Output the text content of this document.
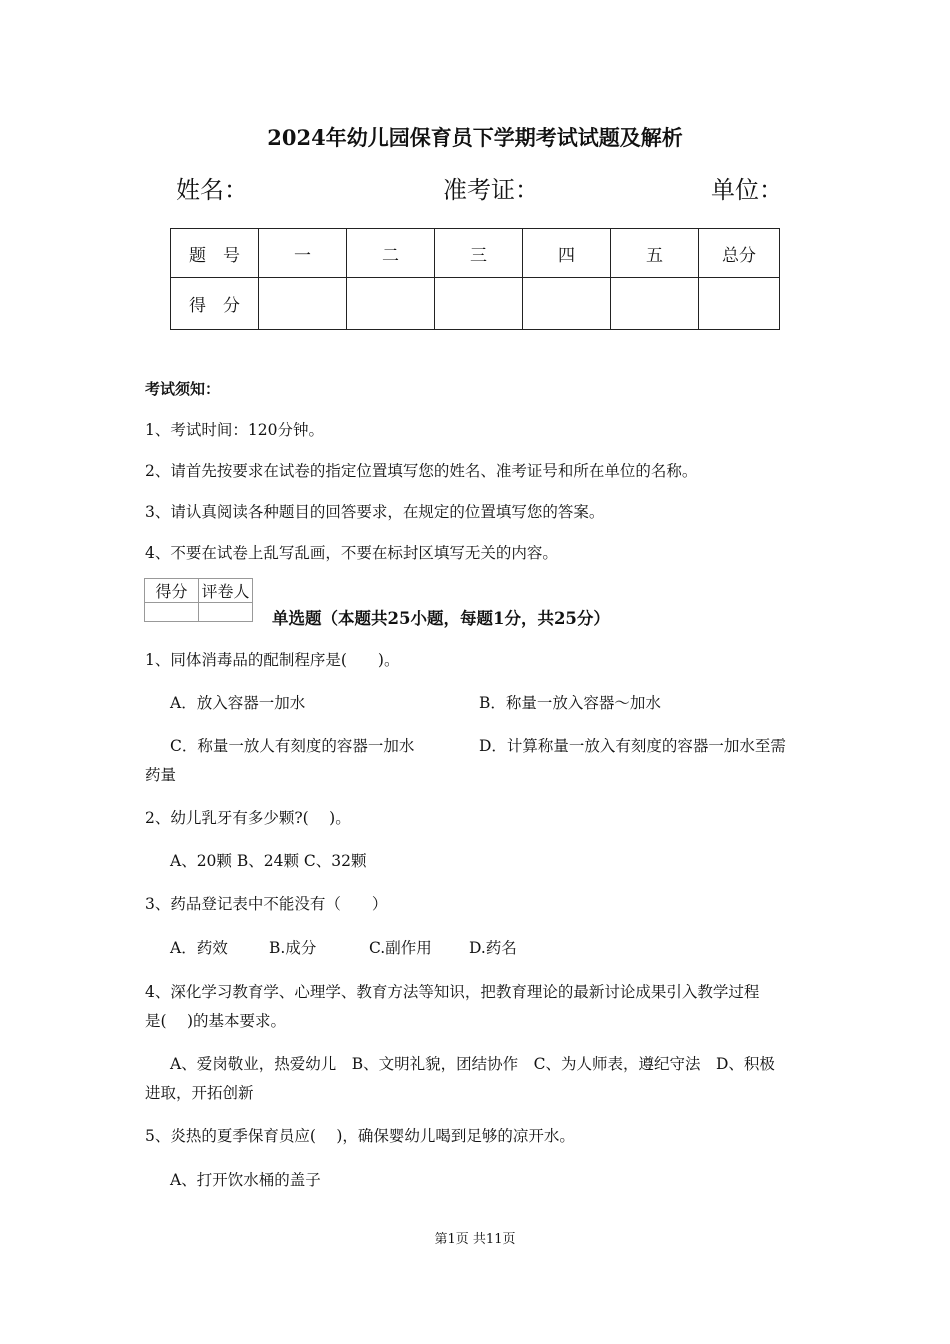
2024年幼儿园保育员下学期考试试题及解析
姓名：	准考证：	单位：
题　号	一	二	三	四	五	总分
得　分						
考试须知：
1、考试时间：120分钟。
2、请首先按要求在试卷的指定位置填写您的姓名、准考证号和所在单位的名称。
3、请认真阅读各种题目的回答要求，在规定的位置填写您的答案。
4、不要在试卷上乱写乱画，不要在标封区填写无关的内容。
得分	评卷人

单选题（本题共25小题，每题1分，共25分）
1、同体消毒品的配制程序是(　　)。
A．放入容器一加水	B．称量一放入容器～加水
C．称量一放人有刻度的容器一加水	D．计算称量一放入有刻度的容器一加水至需
药量
2、幼儿乳牙有多少颗?(　 )。
A、20颗 B、24颗 C、32颗
3、药品登记表中不能没有（　　）
A．药效	B.成分	C.副作用 D.药名
4、深化学习教育学、心理学、教育方法等知识，把教育理论的最新讨论成果引入教学过程
是(　 )的基本要求。
A、爱岗敬业，热爱幼儿　B、文明礼貌，团结协作　C、为人师表，遵纪守法　D、积极
进取，开拓创新
5、炎热的夏季保育员应(　 )，确保婴幼儿喝到足够的凉开水。
A、打开饮水桶的盖子
第1页 共11页
